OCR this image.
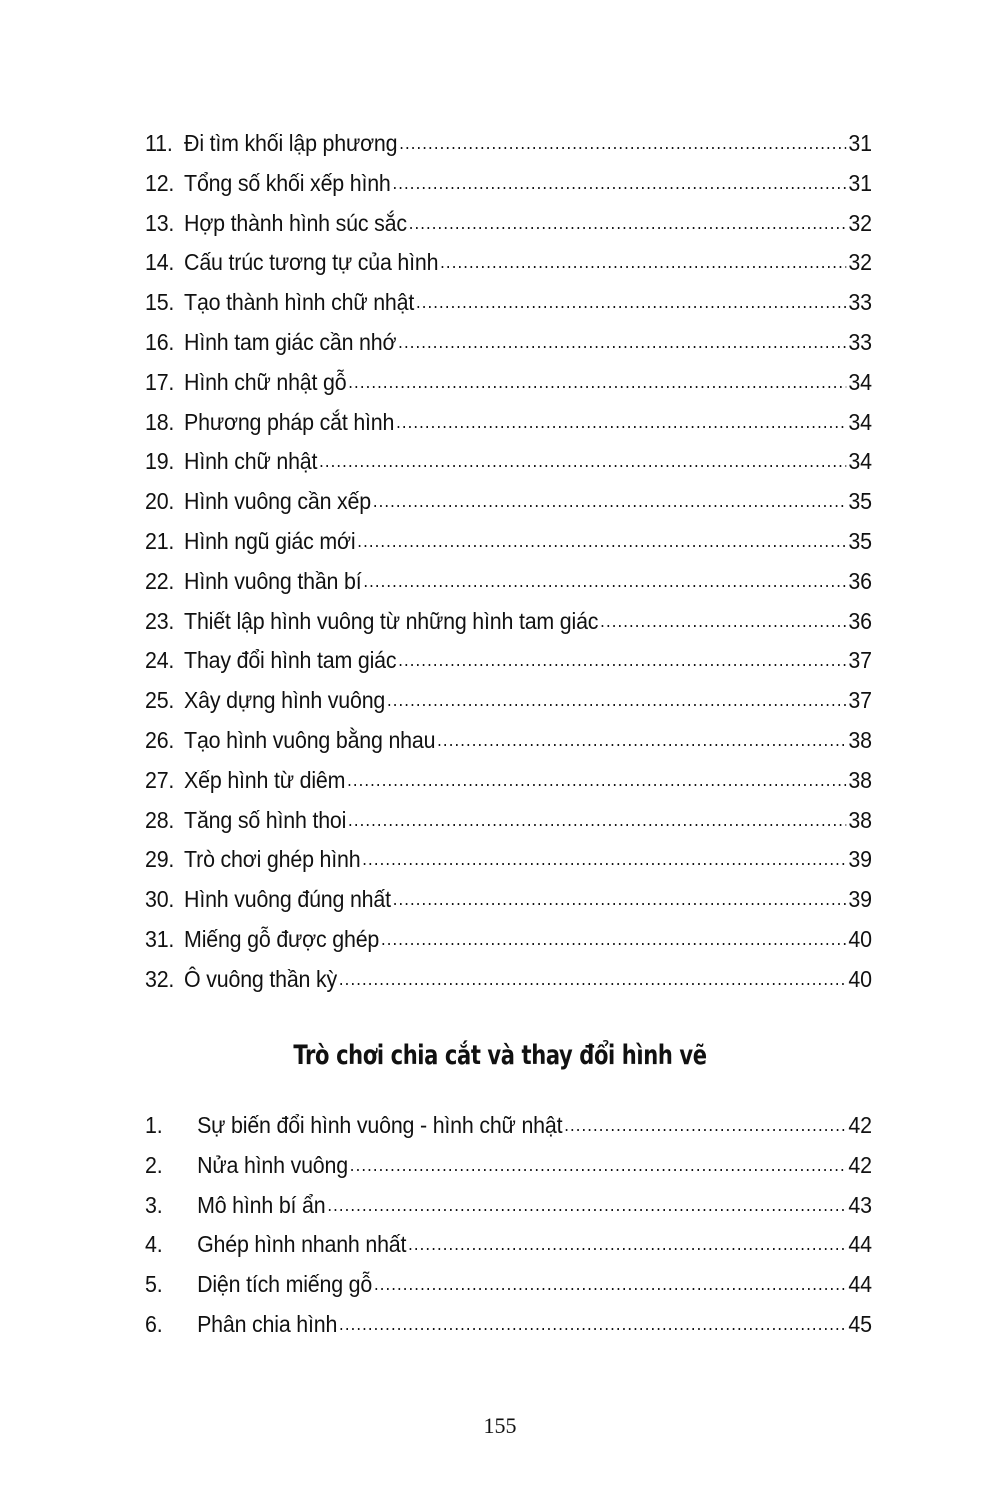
11. Đi tìm khối lập phương .....	31
12. Tổng số khối xếp hình .....	31
13. Hợp thành hình súc sắc .....	32
14. Cấu trúc tương tự của hình .....	32
15. Tạo thành hình chữ nhật .....	33
16. Hình tam giác cần nhớ .....	33
17. Hình chữ nhật gỗ .....	34
18. Phương pháp cắt hình .....	34
19. Hình chữ nhật .....	34
20. Hình vuông cần xếp .....	35
21. Hình ngũ giác mới .....	35
22. Hình vuông thần bí .....	36
23. Thiết lập hình vuông từ những hình tam giác .....	36
24. Thay đổi hình tam giác .....	37
25. Xây dựng hình vuông .....	37
26. Tạo hình vuông bằng nhau .....	38
27. Xếp hình từ diêm .....	38
28. Tăng số hình thoi .....	38
29. Trò chơi ghép hình .....	39
30. Hình vuông đúng nhất .....	39
31. Miếng gỗ được ghép .....	40
32. Ô vuông thần kỳ .....	40
Trò chơi chia cắt và thay đổi hình vẽ
1.	Sự biến đổi hình vuông - hình chữ nhật .....	42
2.	Nửa hình vuông .....	42
3.	Mô hình bí ẩn .....	43
4.	Ghép hình nhanh nhất .....	44
5.	Diện tích miếng gỗ .....	44
6.	Phân chia hình .....	45
155
